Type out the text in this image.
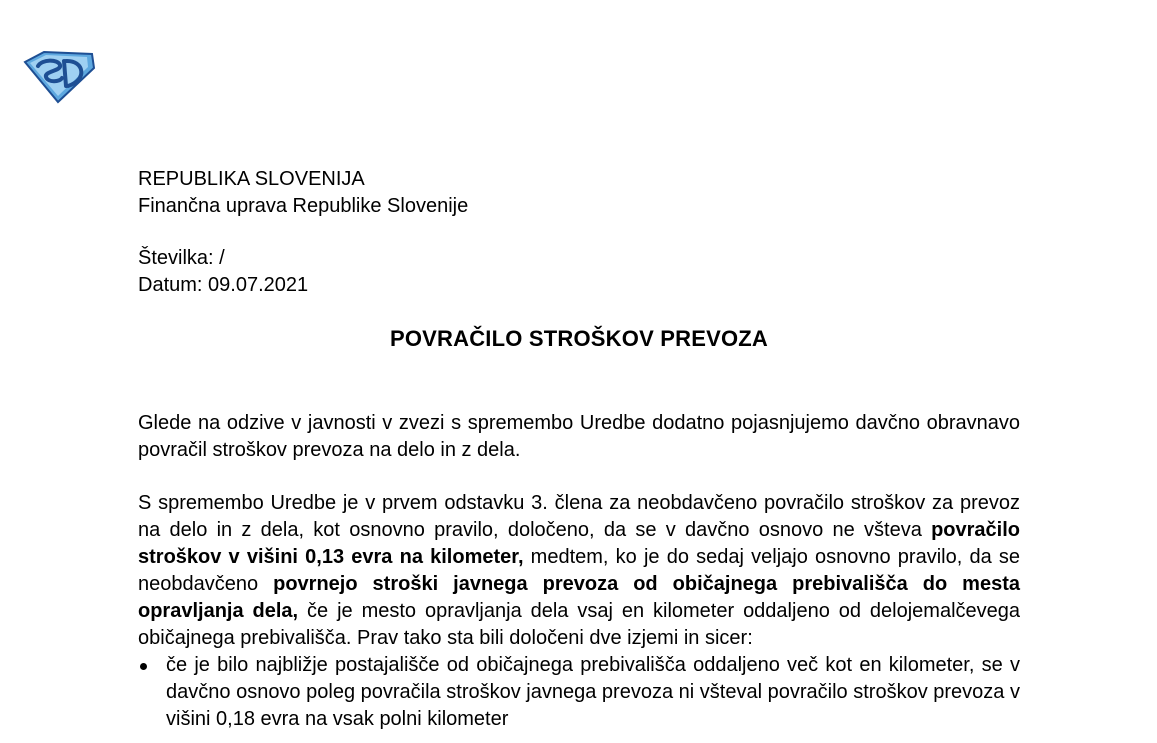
REPUBLIKA SLOVENIJA
Finančna uprava Republike Slovenije
Številka: /
Datum: 09.07.2021
POVRAČILO STROŠKOV PREVOZA

Glede na odzive v javnosti v zvezi s spremembo Uredbe dodatno pojasnjujemo davčno obravnavo povračil stroškov prevoza na delo in z dela.

S spremembo Uredbe je v prvem odstavku 3. člena za neobdavčeno povračilo stroškov za prevoz na delo in z dela, kot osnovno pravilo, določeno, da se v davčno osnovo ne všteva povračilo stroškov v višini 0,13 evra na kilometer, medtem, ko je do sedaj veljajo osnovno pravilo, da se neobdavčeno povrnejo stroški javnega prevoza od običajnega prebivališča do mesta opravljanja dela, če je mesto opravljanja dela vsaj en kilometer oddaljeno od delojemalčevega običajnega prebivališča. Prav tako sta bili določeni dve izjemi in sicer:

če je bilo najbližje postajališče od običajnega prebivališča oddaljeno več kot en kilometer, se v davčno osnovo poleg povračila stroškov javnega prevoza ni všteval povračilo stroškov prevoza v višini 0,18 evra na vsak polni kilometer
